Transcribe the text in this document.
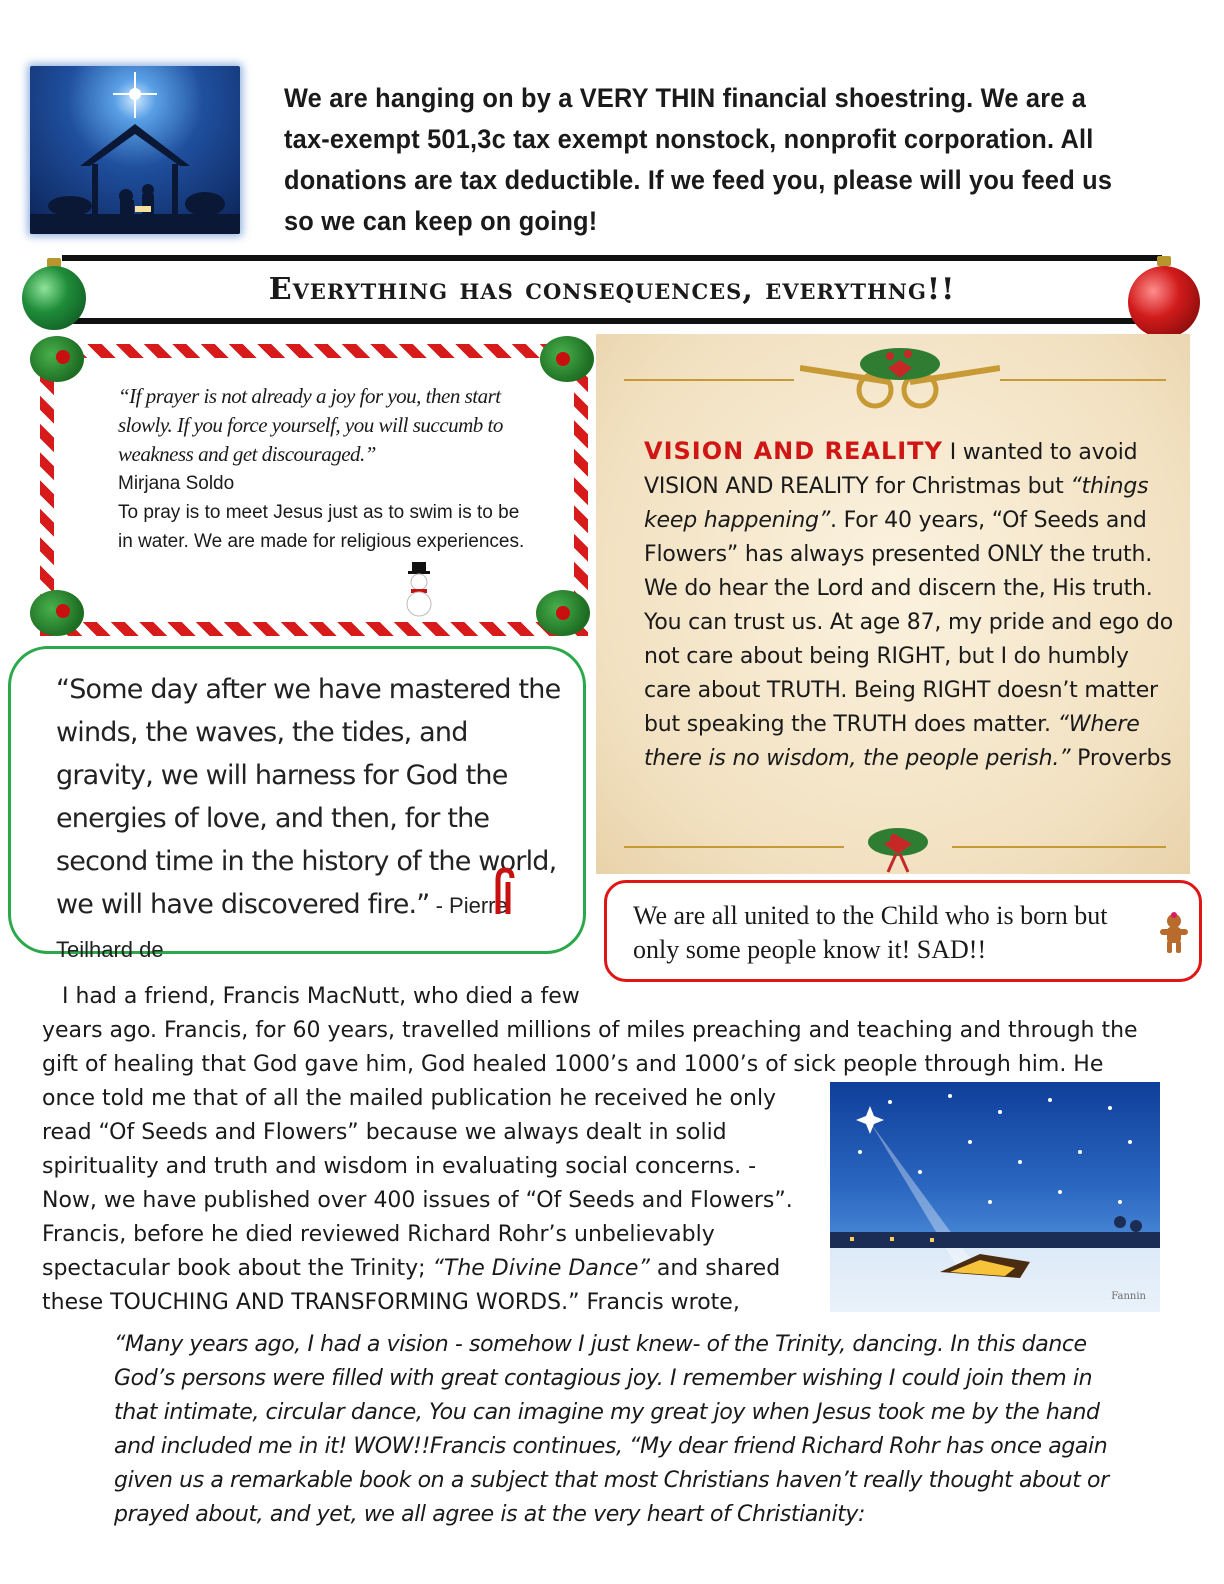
We are hanging on by a VERY THIN financial shoestring. We are a tax-exempt 501,3c tax exempt nonstock, nonprofit corporation. All donations are tax deductible. If we feed you, please will you feed us so we can keep on going!
Everything has consequences, everythng!!
“If prayer is not already a joy for you, then start slowly. If you force yourself, you will succumb to weakness and get discouraged.”
Mirjana Soldo
To pray is to meet Jesus just as to swim is to be in water. We are made for religious experiences.
“Some day after we have mastered the winds, the waves, the tides, and gravity, we will harness for God the energies of love, and then, for the second time in the history of the world, we will have discovered fire.” - Pierre Teilhard de
VISION AND REALITY I wanted to avoid VISION AND REALITY for Christmas but “things keep happening”. For 40 years, “Of Seeds and Flowers” has always presented ONLY the truth. We do hear the Lord and discern the, His truth. You can trust us. At age 87, my pride and ego do not care about being RIGHT, but I do humbly care about TRUTH. Being RIGHT doesn’t matter but speaking the TRUTH does matter. “Where there is no wisdom, the people perish.” Proverbs
We are all united to the Child who is born but only some people know it! SAD!!
Fannin
I had a friend, Francis MacNutt, who died a few
years ago. Francis, for 60 years, travelled millions of miles preaching and teaching and through the
gift of healing that God gave him, God healed 1000’s and 1000’s of sick people through him. He
once told me that of all the mailed publication he received he only
read “Of Seeds and Flowers” because we always dealt in solid
spirituality and truth and wisdom in evaluating social concerns. -
Now, we have published over 400 issues of “Of Seeds and Flowers”.
Francis, before he died reviewed Richard Rohr’s unbelievably
spectacular book about the Trinity; “The Divine Dance” and shared
these TOUCHING AND TRANSFORMING WORDS.” Francis wrote,
“Many years ago, I had a vision - somehow I just knew- of the Trinity, dancing. In this dance God’s persons were filled with great contagious joy. I remember wishing I could join them in that intimate, circular dance, You can imagine my great joy when Jesus took me by the hand and included me in it! WOW!!Francis continues, “My dear friend Richard Rohr has once again given us a remarkable book on a subject that most Christians haven’t really thought about or prayed about, and yet, we all agree is at the very heart of Christianity:
